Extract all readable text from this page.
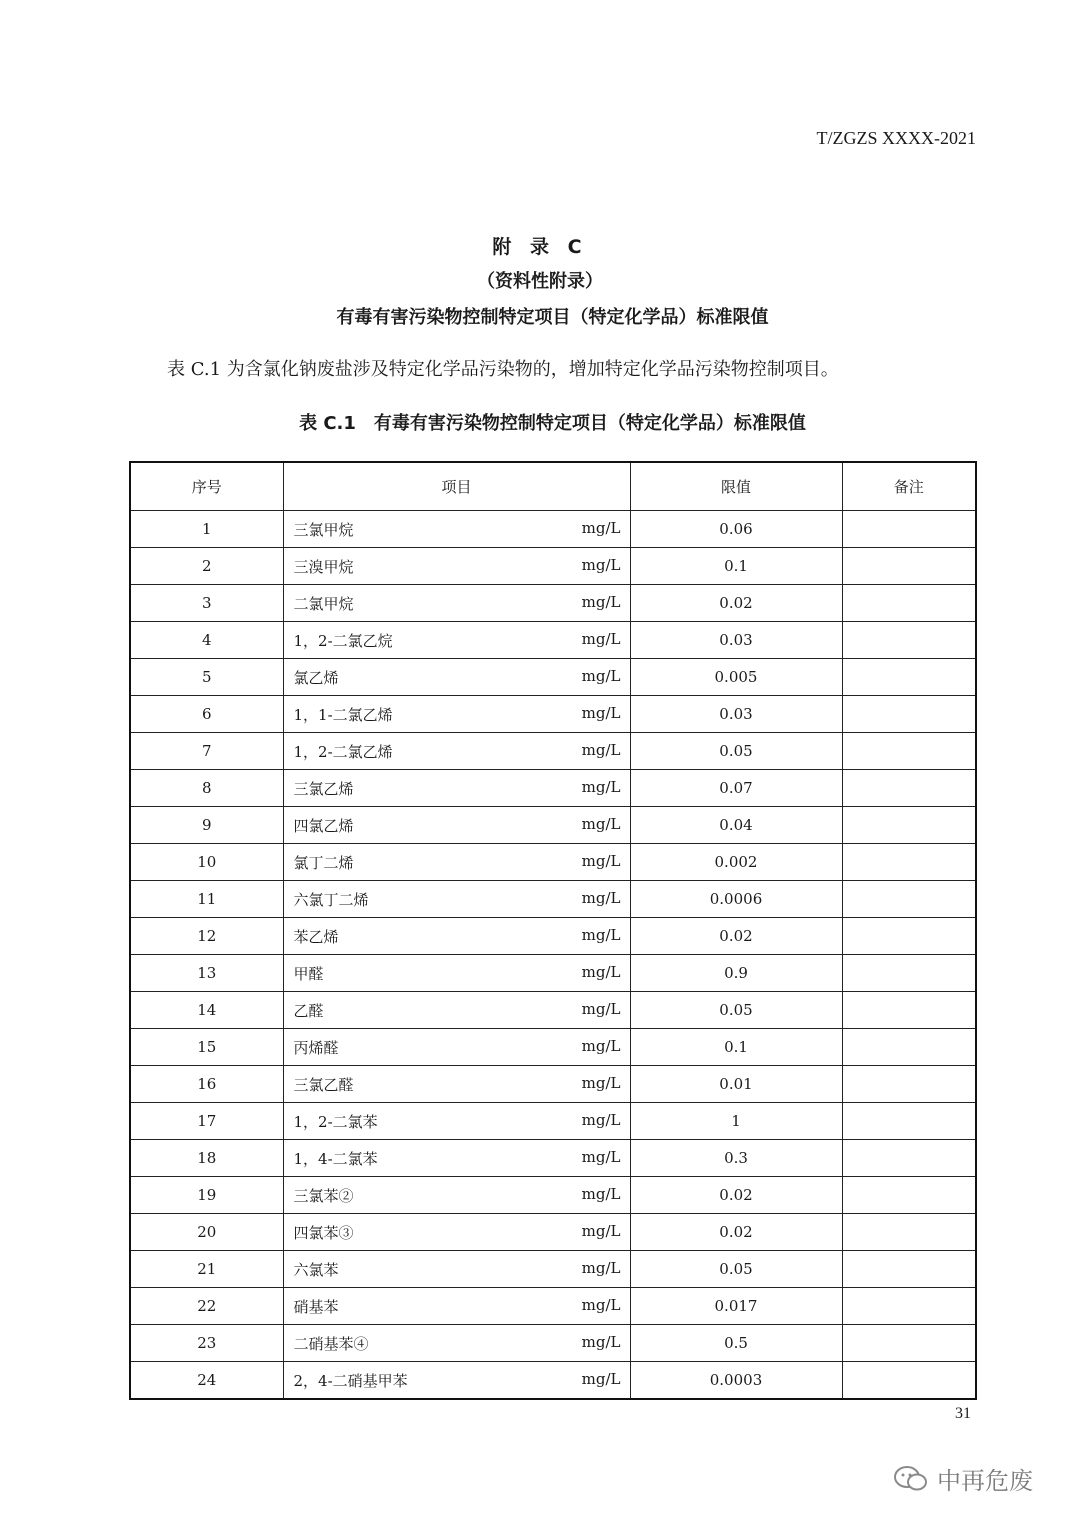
T/ZGZS XXXX-2021
附 录 C
（资料性附录）
有毒有害污染物控制特定项目（特定化学品）标准限值
表 C.1 为含氯化钠废盐涉及特定化学品污染物的，增加特定化学品污染物控制项目。
表 C.1　有毒有害污染物控制特定项目（特定化学品）标准限值
序号	项目	限值	备注
1	三氯甲烷 mg/L	0.06	
2	三溴甲烷 mg/L	0.1	
3	二氯甲烷 mg/L	0.02	
4	1，2-二氯乙烷 mg/L	0.03	
5	氯乙烯 mg/L	0.005	
6	1，1-二氯乙烯 mg/L	0.03	
7	1，2-二氯乙烯 mg/L	0.05	
8	三氯乙烯 mg/L	0.07	
9	四氯乙烯 mg/L	0.04	
10	氯丁二烯 mg/L	0.002	
11	六氯丁二烯 mg/L	0.0006	
12	苯乙烯 mg/L	0.02	
13	甲醛 mg/L	0.9	
14	乙醛 mg/L	0.05	
15	丙烯醛 mg/L	0.1	
16	三氯乙醛 mg/L	0.01	
17	1，2-二氯苯 mg/L	1	
18	1，4-二氯苯 mg/L	0.3	
19	三氯苯② mg/L	0.02	
20	四氯苯③ mg/L	0.02	
21	六氯苯 mg/L	0.05	
22	硝基苯 mg/L	0.017	
23	二硝基苯④ mg/L	0.5	
24	2，4-二硝基甲苯 mg/L	0.0003	
31
中再危废
